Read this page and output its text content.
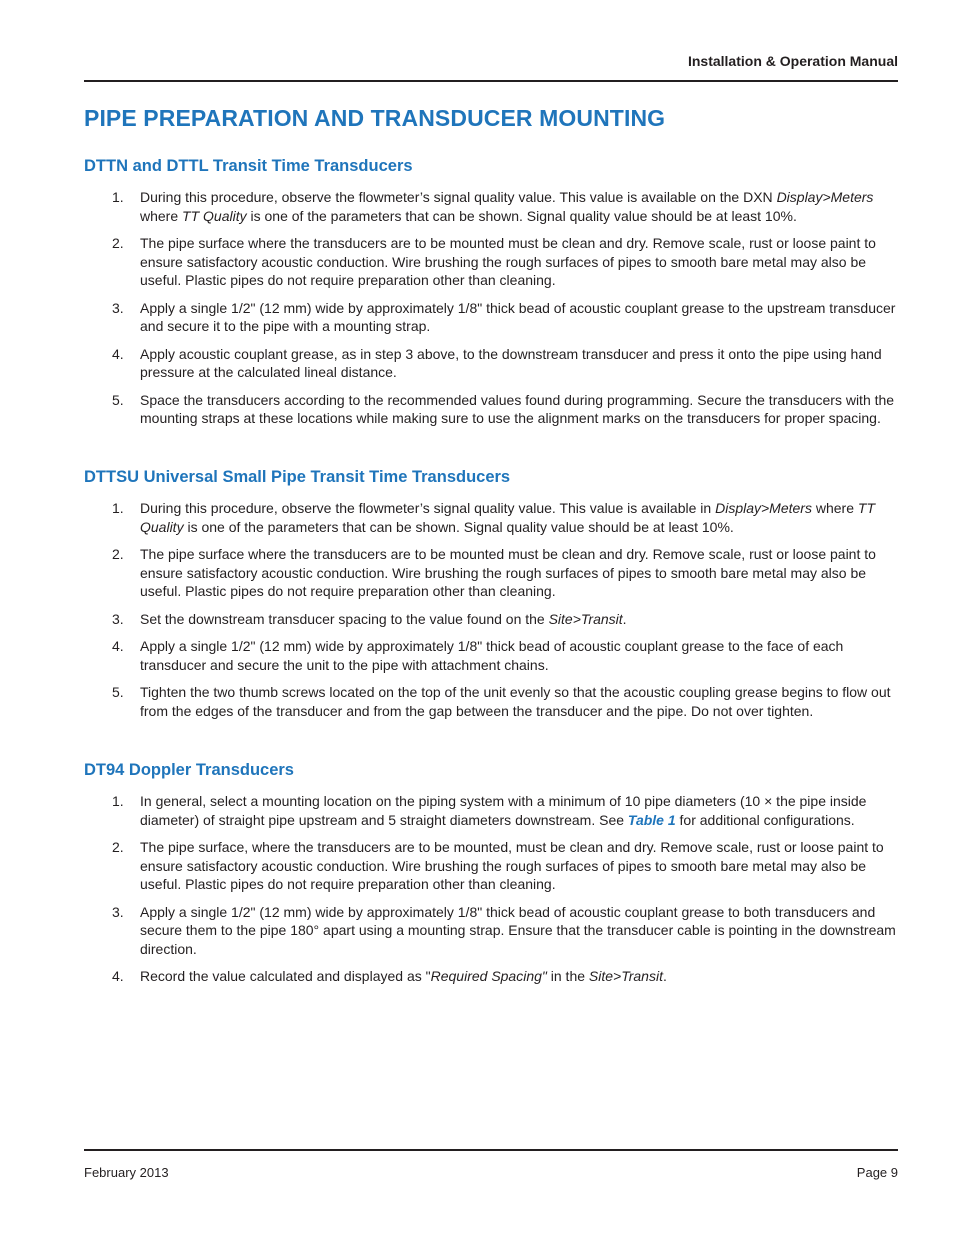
Installation & Operation Manual
PIPE PREPARATION AND TRANSDUCER MOUNTING
DTTN and DTTL Transit Time Transducers
1. During this procedure, observe the flowmeter’s signal quality value. This value is available on the DXN Display>Meters where TT Quality is one of the parameters that can be shown. Signal quality value should be at least 10%.
2. The pipe surface where the transducers are to be mounted must be clean and dry. Remove scale, rust or loose paint to ensure satisfactory acoustic conduction. Wire brushing the rough surfaces of pipes to smooth bare metal may also be useful. Plastic pipes do not require preparation other than cleaning.
3. Apply a single 1/2" (12 mm) wide by approximately 1/8" thick bead of acoustic couplant grease to the upstream transducer and secure it to the pipe with a mounting strap.
4. Apply acoustic couplant grease, as in step 3 above, to the downstream transducer and press it onto the pipe using hand pressure at the calculated lineal distance.
5. Space the transducers according to the recommended values found during programming. Secure the transducers with the mounting straps at these locations while making sure to use the alignment marks on the transducers for proper spacing.
DTTSU Universal Small Pipe Transit Time Transducers
1. During this procedure, observe the flowmeter’s signal quality value. This value is available in Display>Meters where TT Quality is one of the parameters that can be shown. Signal quality value should be at least 10%.
2. The pipe surface where the transducers are to be mounted must be clean and dry. Remove scale, rust or loose paint to ensure satisfactory acoustic conduction. Wire brushing the rough surfaces of pipes to smooth bare metal may also be useful. Plastic pipes do not require preparation other than cleaning.
3. Set the downstream transducer spacing to the value found on the Site>Transit.
4. Apply a single 1/2" (12 mm) wide by approximately 1/8" thick bead of acoustic couplant grease to the face of each transducer and secure the unit to the pipe with attachment chains.
5. Tighten the two thumb screws located on the top of the unit evenly so that the acoustic coupling grease begins to flow out from the edges of the transducer and from the gap between the transducer and the pipe. Do not over tighten.
DT94 Doppler Transducers
1. In general, select a mounting location on the piping system with a minimum of 10 pipe diameters (10 × the pipe inside diameter) of straight pipe upstream and 5 straight diameters downstream. See Table 1 for additional configurations.
2. The pipe surface, where the transducers are to be mounted, must be clean and dry. Remove scale, rust or loose paint to ensure satisfactory acoustic conduction. Wire brushing the rough surfaces of pipes to smooth bare metal may also be useful. Plastic pipes do not require preparation other than cleaning.
3. Apply a single 1/2" (12 mm) wide by approximately 1/8" thick bead of acoustic couplant grease to both transducers and secure them to the pipe 180° apart using a mounting strap. Ensure that the transducer cable is pointing in the downstream direction.
4. Record the value calculated and displayed as "Required Spacing" in the Site>Transit.
February 2013	Page 9
